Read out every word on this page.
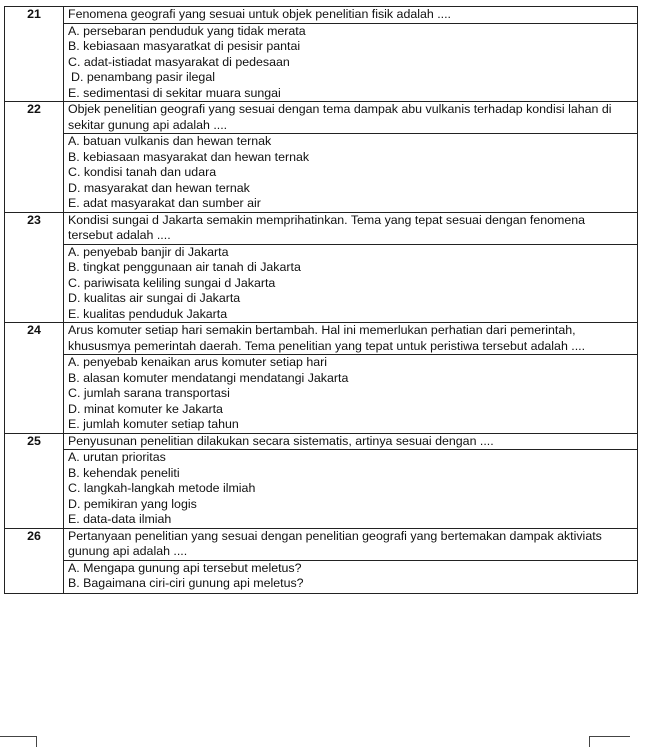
21	Fenomena geografi yang sesuai untuk objek penelitian fisik adalah ....

	A. persebaran penduduk yang tidak merata
B. kebiasaan masyaratkat di pesisir pantai
C. adat-istiadat masyarakat di pedesaan
D. penambang pasir ilegal
E. sedimentasi di sekitar muara sungai

22	Objek penelitian geografi yang sesuai dengan tema dampak abu vulkanis terhadap kondisi lahan di sekitar gunung api adalah ....

	A. batuan vulkanis dan hewan ternak
B. kebiasaan masyarakat dan hewan ternak
C. kondisi tanah dan udara
D. masyarakat dan hewan ternak
E. adat masyarakat dan sumber air

23	Kondisi sungai d Jakarta semakin memprihatinkan. Tema yang tepat sesuai dengan fenomena tersebut adalah ....

	A. penyebab banjir di Jakarta
B. tingkat penggunaan air tanah di Jakarta
C. pariwisata keliling sungai d Jakarta
D. kualitas air sungai di Jakarta
E. kualitas penduduk Jakarta

24	Arus komuter setiap hari semakin bertambah. Hal ini memerlukan perhatian dari pemerintah, khususmya pemerintah daerah. Tema penelitian yang tepat untuk peristiwa tersebut adalah ....

	A. penyebab kenaikan arus komuter setiap hari
B. alasan komuter mendatangi mendatangi Jakarta
C. jumlah sarana transportasi
D. minat komuter ke Jakarta
E. jumlah komuter setiap tahun

25	Penyusunan penelitian dilakukan secara sistematis, artinya sesuai dengan ....

	A. urutan prioritas
B. kehendak peneliti
C. langkah-langkah metode ilmiah
D. pemikiran yang logis
E. data-data ilmiah

26	Pertanyaan penelitian yang sesuai dengan penelitian geografi yang bertemakan dampak aktiviats gunung api adalah ....

	A. Mengapa gunung api tersebut meletus?
B. Bagaimana ciri-ciri gunung api meletus?
